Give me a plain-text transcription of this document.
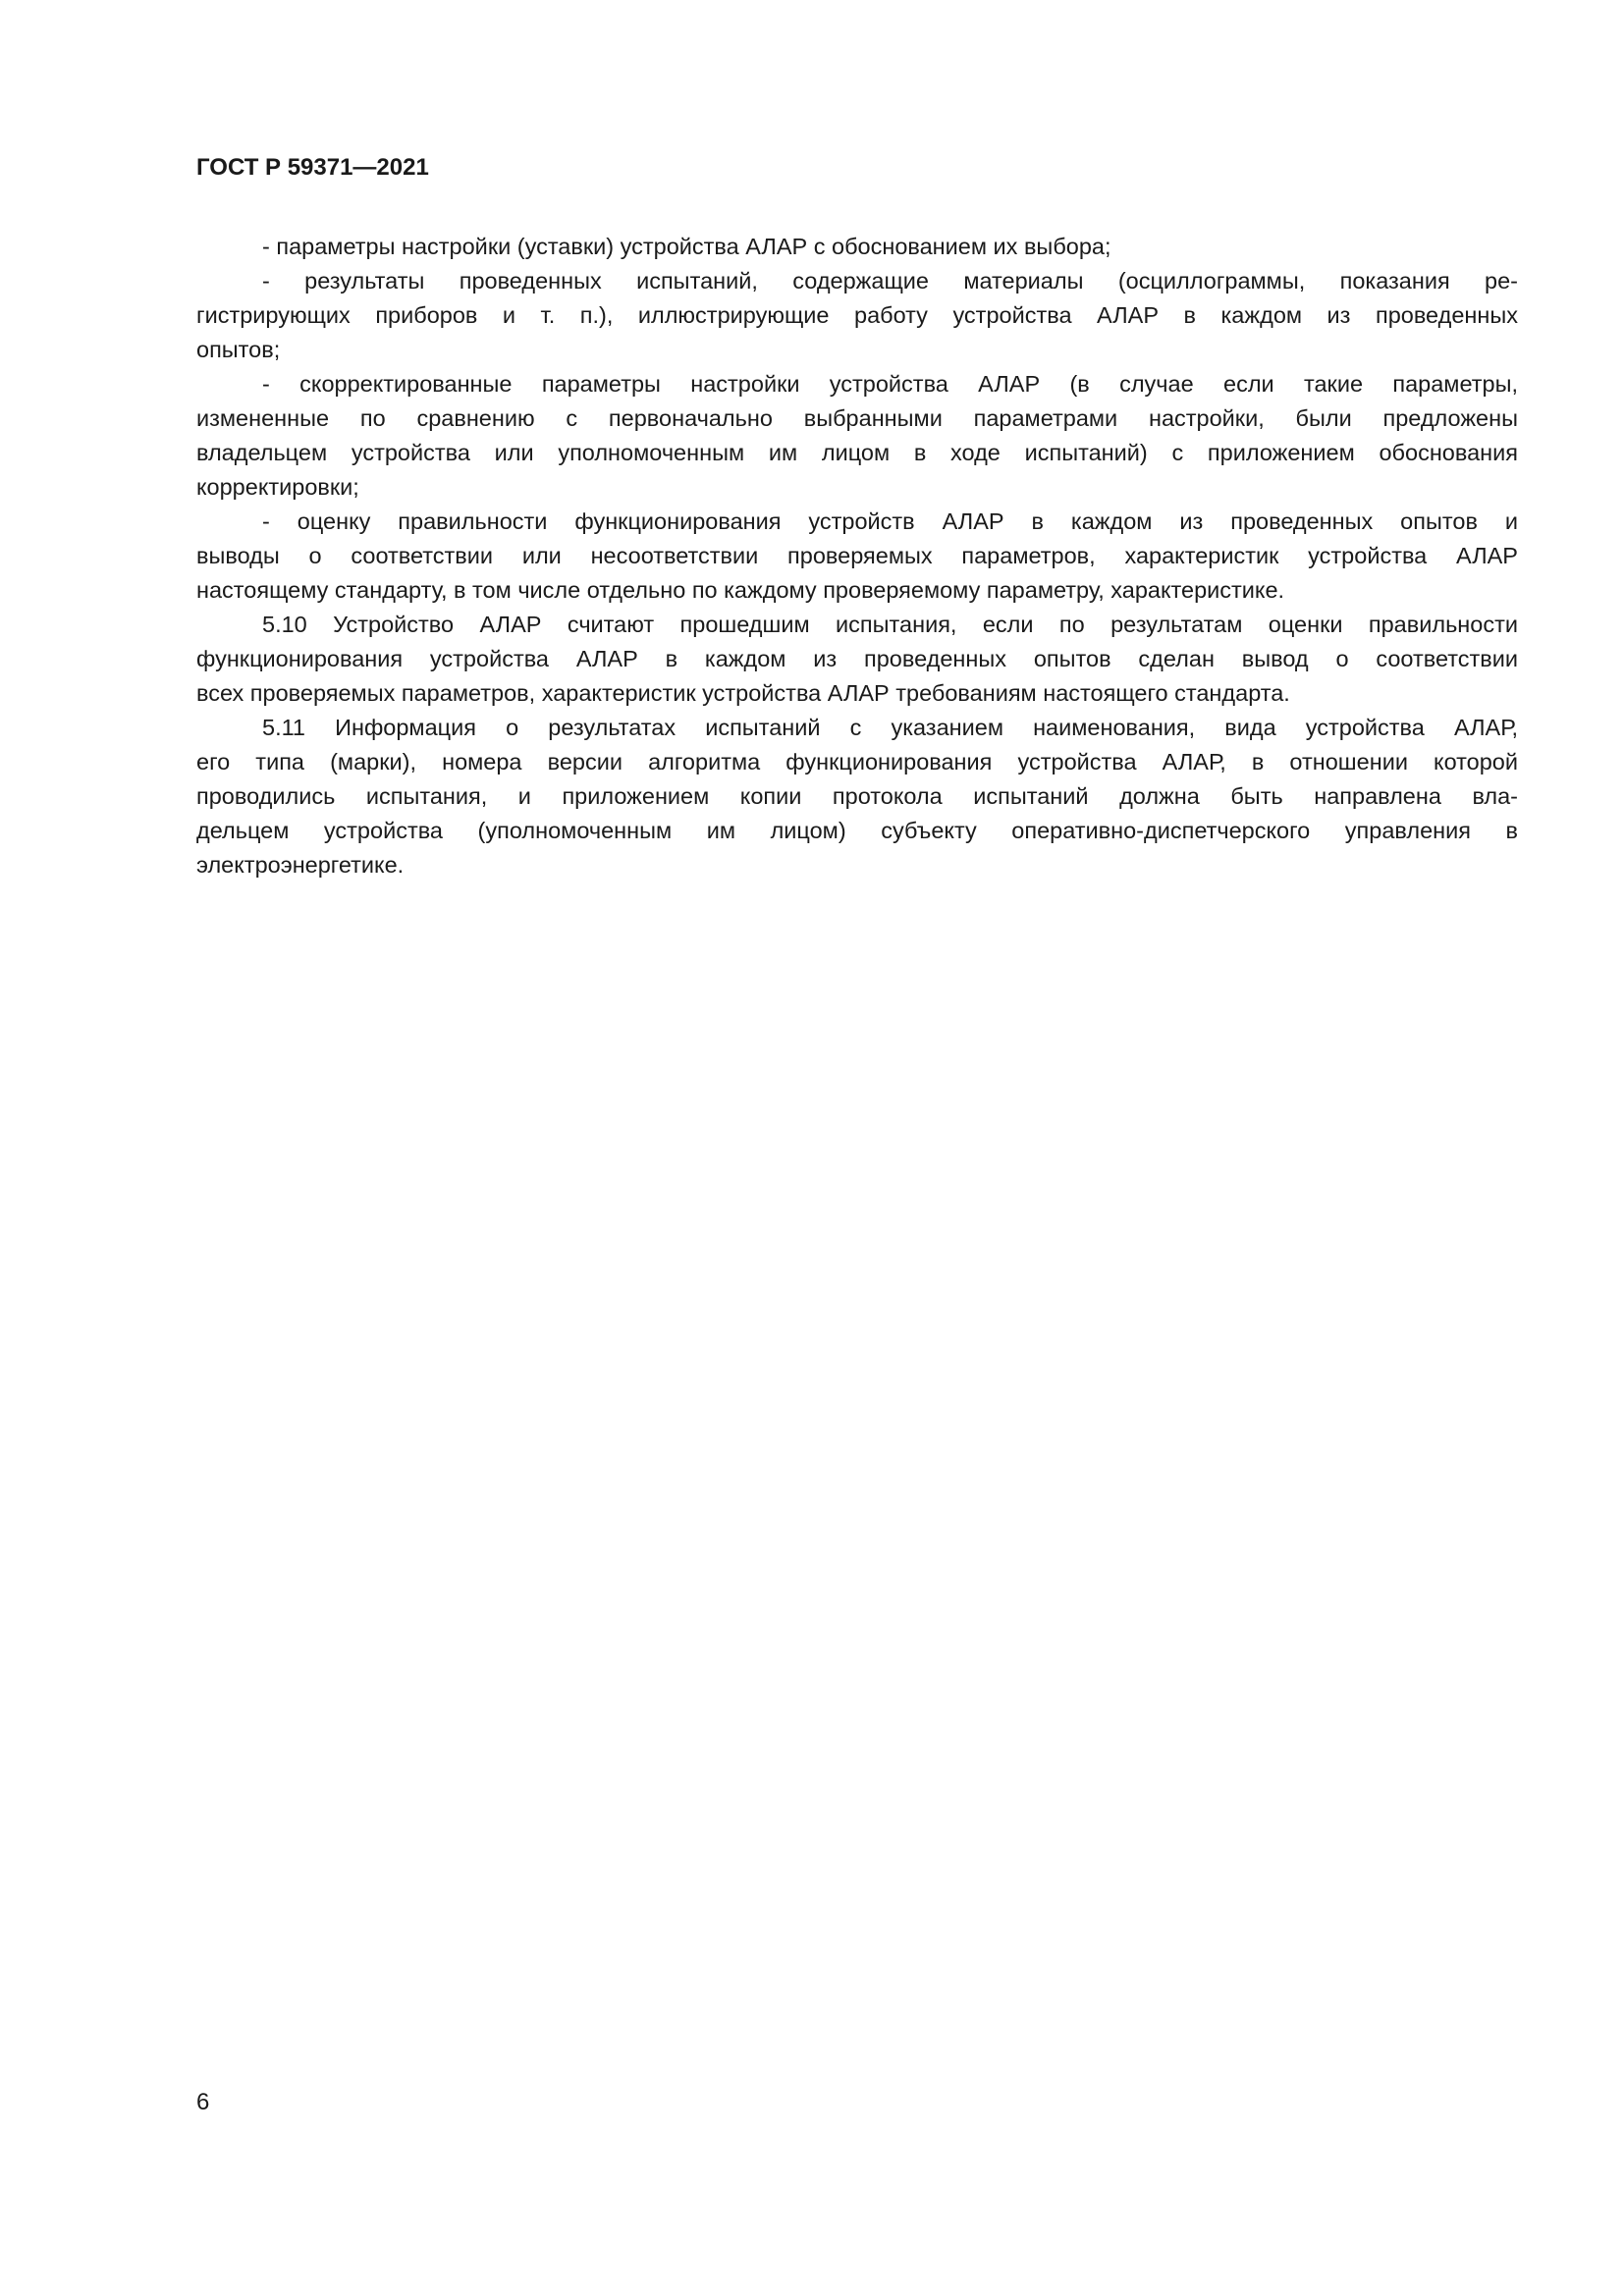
ГОСТ Р 59371—2021
- параметры настройки (уставки) устройства АЛАР с обоснованием их выбора;
- результаты проведенных испытаний, содержащие материалы (осциллограммы, показания ре-
гистрирующих приборов и т. п.), иллюстрирующие работу устройства АЛАР в каждом из проведенных
опытов;
- скорректированные параметры настройки устройства АЛАР (в случае если такие параметры,
измененные по сравнению с первоначально выбранными параметрами настройки, были предложены
владельцем устройства или уполномоченным им лицом в ходе испытаний) с приложением обоснования
корректировки;
- оценку правильности функционирования устройств АЛАР в каждом из проведенных опытов и
выводы о соответствии или несоответствии проверяемых параметров, характеристик устройства АЛАР
настоящему стандарту, в том числе отдельно по каждому проверяемому параметру, характеристике.
5.10 Устройство АЛАР считают прошедшим испытания, если по результатам оценки правильности
функционирования устройства АЛАР в каждом из проведенных опытов сделан вывод о соответствии
всех проверяемых параметров, характеристик устройства АЛАР требованиям настоящего стандарта.
5.11 Информация о результатах испытаний с указанием наименования, вида устройства АЛАР,
его типа (марки), номера версии алгоритма функционирования устройства АЛАР, в отношении которой
проводились испытания, и приложением копии протокола испытаний должна быть направлена вла-
дельцем устройства (уполномоченным им лицом) субъекту оперативно-диспетчерского управления в
электроэнергетике.
6
